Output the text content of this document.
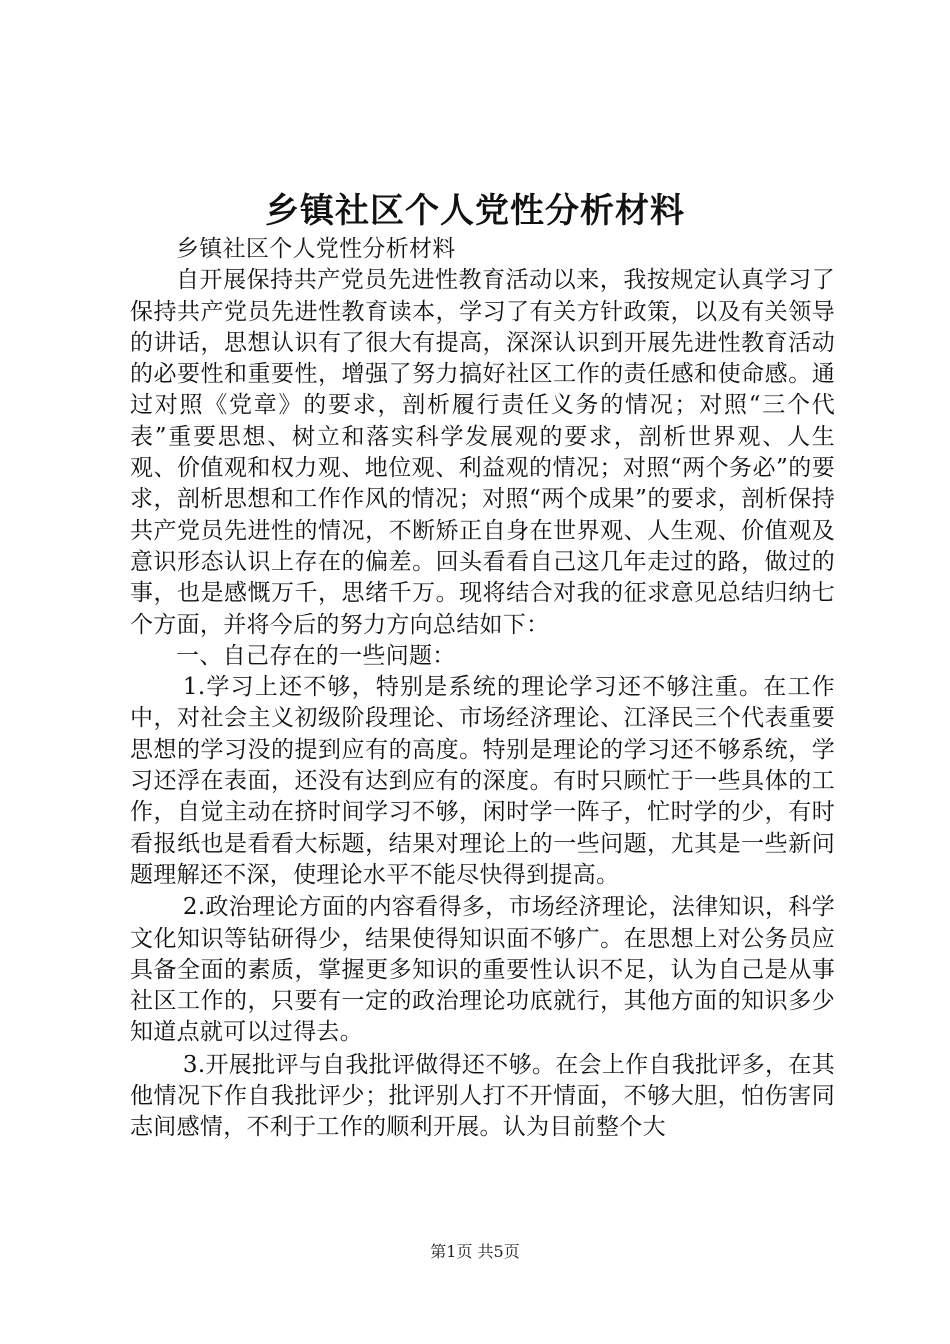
乡镇社区个人党性分析材料

乡镇社区个人党性分析材料

自开展保持共产党员先进性教育活动以来，我按规定认真学习了保持共产党员先进性教育读本，学习了有关方针政策，以及有关领导的讲话，思想认识有了很大有提高，深深认识到开展先进性教育活动的必要性和重要性，增强了努力搞好社区工作的责任感和使命感。通过对照《党章》的要求，剖析履行责任义务的情况；对照“三个代表”重要思想、树立和落实科学发展观的要求，剖析世界观、人生观、价值观和权力观、地位观、利益观的情况；对照“两个务必”的要求，剖析思想和工作作风的情况；对照“两个成果”的要求，剖析保持共产党员先进性的情况，不断矫正自身在世界观、人生观、价值观及意识形态认识上存在的偏差。回头看看自己这几年走过的路，做过的事，也是感慨万千，思绪千万。现将结合对我的征求意见总结归纳七个方面，并将今后的努力方向总结如下：

一、自己存在的一些问题：

1.学习上还不够，特别是系统的理论学习还不够注重。在工作中，对社会主义初级阶段理论、市场经济理论、江泽民三个代表重要思想的学习没的提到应有的高度。特别是理论的学习还不够系统，学习还浮在表面，还没有达到应有的深度。有时只顾忙于一些具体的工作，自觉主动在挤时间学习不够，闲时学一阵子，忙时学的少，有时看报纸也是看看大标题，结果对理论上的一些问题，尤其是一些新问题理解还不深，使理论水平不能尽快得到提高。

2.政治理论方面的内容看得多，市场经济理论，法律知识，科学文化知识等钻研得少，结果使得知识面不够广。在思想上对公务员应具备全面的素质，掌握更多知识的重要性认识不足，认为自己是从事社区工作的，只要有一定的政治理论功底就行，其他方面的知识多少知道点就可以过得去。

3.开展批评与自我批评做得还不够。在会上作自我批评多，在其他情况下作自我批评少；批评别人打不开情面，不够大胆，怕伤害同志间感情，不利于工作的顺利开展。认为目前整个大

第1页 共5页
